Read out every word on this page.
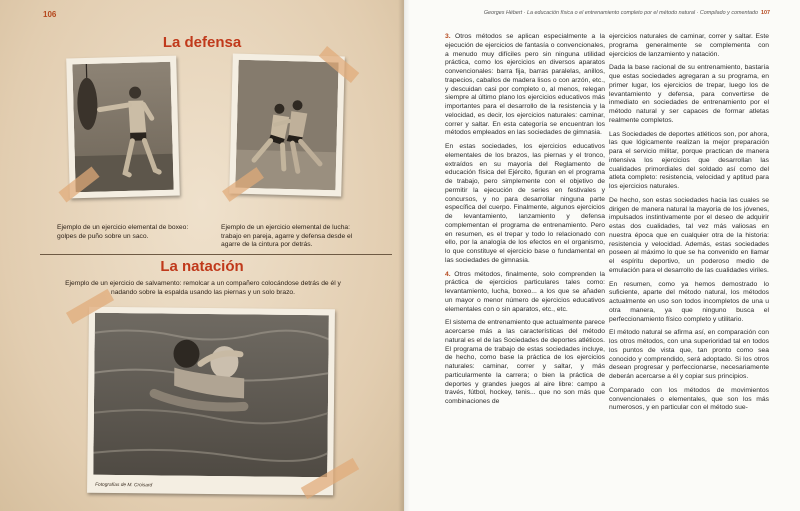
106
La defensa
Ejemplo de un ejercicio elemental de boxeo: golpes de puño sobre un saco.
Ejemplo de un ejercicio elemental de lucha: trabajo en pareja, agarre y defensa desde el agarre de la cintura por detrás.
La natación
Ejemplo de un ejercicio de salvamento: remolcar a un compañero colocándose detrás de él y nadando sobre la espalda usando las piernas y un solo brazo.
Fotografías de M. Croisard
Georges Hébert · La educación física o el entrenamiento completo por el método natural · Compilado y comentado 107

3. Otros métodos se aplican especialmente a la ejecución de ejercicios de fantasía o convencionales, a menudo muy difíciles pero sin ninguna utilidad práctica, como los ejercicios en diversos aparatos convencionales: barra fija, barras paralelas, anillos, trapecios, caballos de madera lisos o con arzón, etc., y descuidan casi por completo o, al menos, relegan siempre al último plano los ejercicios educativos más importantes para el desarrollo de la resistencia y la velocidad, es decir, los ejercicios naturales: caminar, correr y saltar. En esta categoría se encuentran los métodos empleados en las sociedades de gimnasia.

En estas sociedades, los ejercicios educativos elementales de los brazos, las piernas y el tronco, extraídos en su mayoría del Reglamento de educación física del Ejército, figuran en el programa de trabajo, pero simplemente con el objetivo de permitir la ejecución de series en festivales y concursos, y no para desarrollar ninguna parte específica del cuerpo. Finalmente, algunos ejercicios de levantamiento, lanzamiento y defensa complementan el programa de entrenamiento. Pero en resumen, es el trepar y todo lo relacionado con ello, por la analogía de los efectos en el organismo, lo que constituye el ejercicio base o fundamental en las sociedades de gimnasia.

4. Otros métodos, finalmente, solo comprenden la práctica de ejercicios particulares tales como: levantamiento, lucha, boxeo... a los que se añaden un mayor o menor número de ejercicios educativos elementales con o sin aparatos, etc., etc.

El sistema de entrenamiento que actualmente parece acercarse más a las características del método natural es el de las Sociedades de deportes atléticos. El programa de trabajo de estas sociedades incluye, de hecho, como base la práctica de los ejercicios naturales: caminar, correr y saltar, y más particularmente la carrera; o bien la práctica de deportes y grandes juegos al aire libre: campo a través, fútbol, hockey, tenis... que no son más que combinaciones de

ejercicios naturales de caminar, correr y saltar. Este programa generalmente se complementa con ejercicios de lanzamiento y natación.

Dada la base racional de su entrenamiento, bastaría que estas sociedades agregaran a su programa, en primer lugar, los ejercicios de trepar, luego los de levantamiento y defensa, para convertirse de inmediato en sociedades de entrenamiento por el método natural y ser capaces de formar atletas realmente completos.

Las Sociedades de deportes atléticos son, por ahora, las que lógicamente realizan la mejor preparación para el servicio militar, porque practican de manera intensiva los ejercicios que desarrollan las cualidades primordiales del soldado así como del atleta completo: resistencia, velocidad y aptitud para los ejercicios naturales.

De hecho, son estas sociedades hacia las cuales se dirigen de manera natural la mayoría de los jóvenes, impulsados instintivamente por el deseo de adquirir estas dos cualidades, tal vez más valiosas en nuestra época que en cualquier otra de la historia: resistencia y velocidad. Además, estas sociedades poseen al máximo lo que se ha convenido en llamar el espíritu deportivo, un poderoso medio de emulación para el desarrollo de las cualidades viriles.

En resumen, como ya hemos demostrado lo suficiente, aparte del método natural, los métodos actualmente en uso son todos incompletos de una u otra manera, ya que ninguno busca el perfeccionamiento físico completo y utilitario.

El método natural se afirma así, en comparación con los otros métodos, con una superioridad tal en todos los puntos de vista que, tan pronto como sea conocido y comprendido, será adoptado. Si los otros desean progresar y perfeccionarse, necesariamente deberán acercarse a él y copiar sus principios.

Comparado con los métodos de movimientos convencionales o elementales, que son los más numerosos, y en particular con el método sue-
